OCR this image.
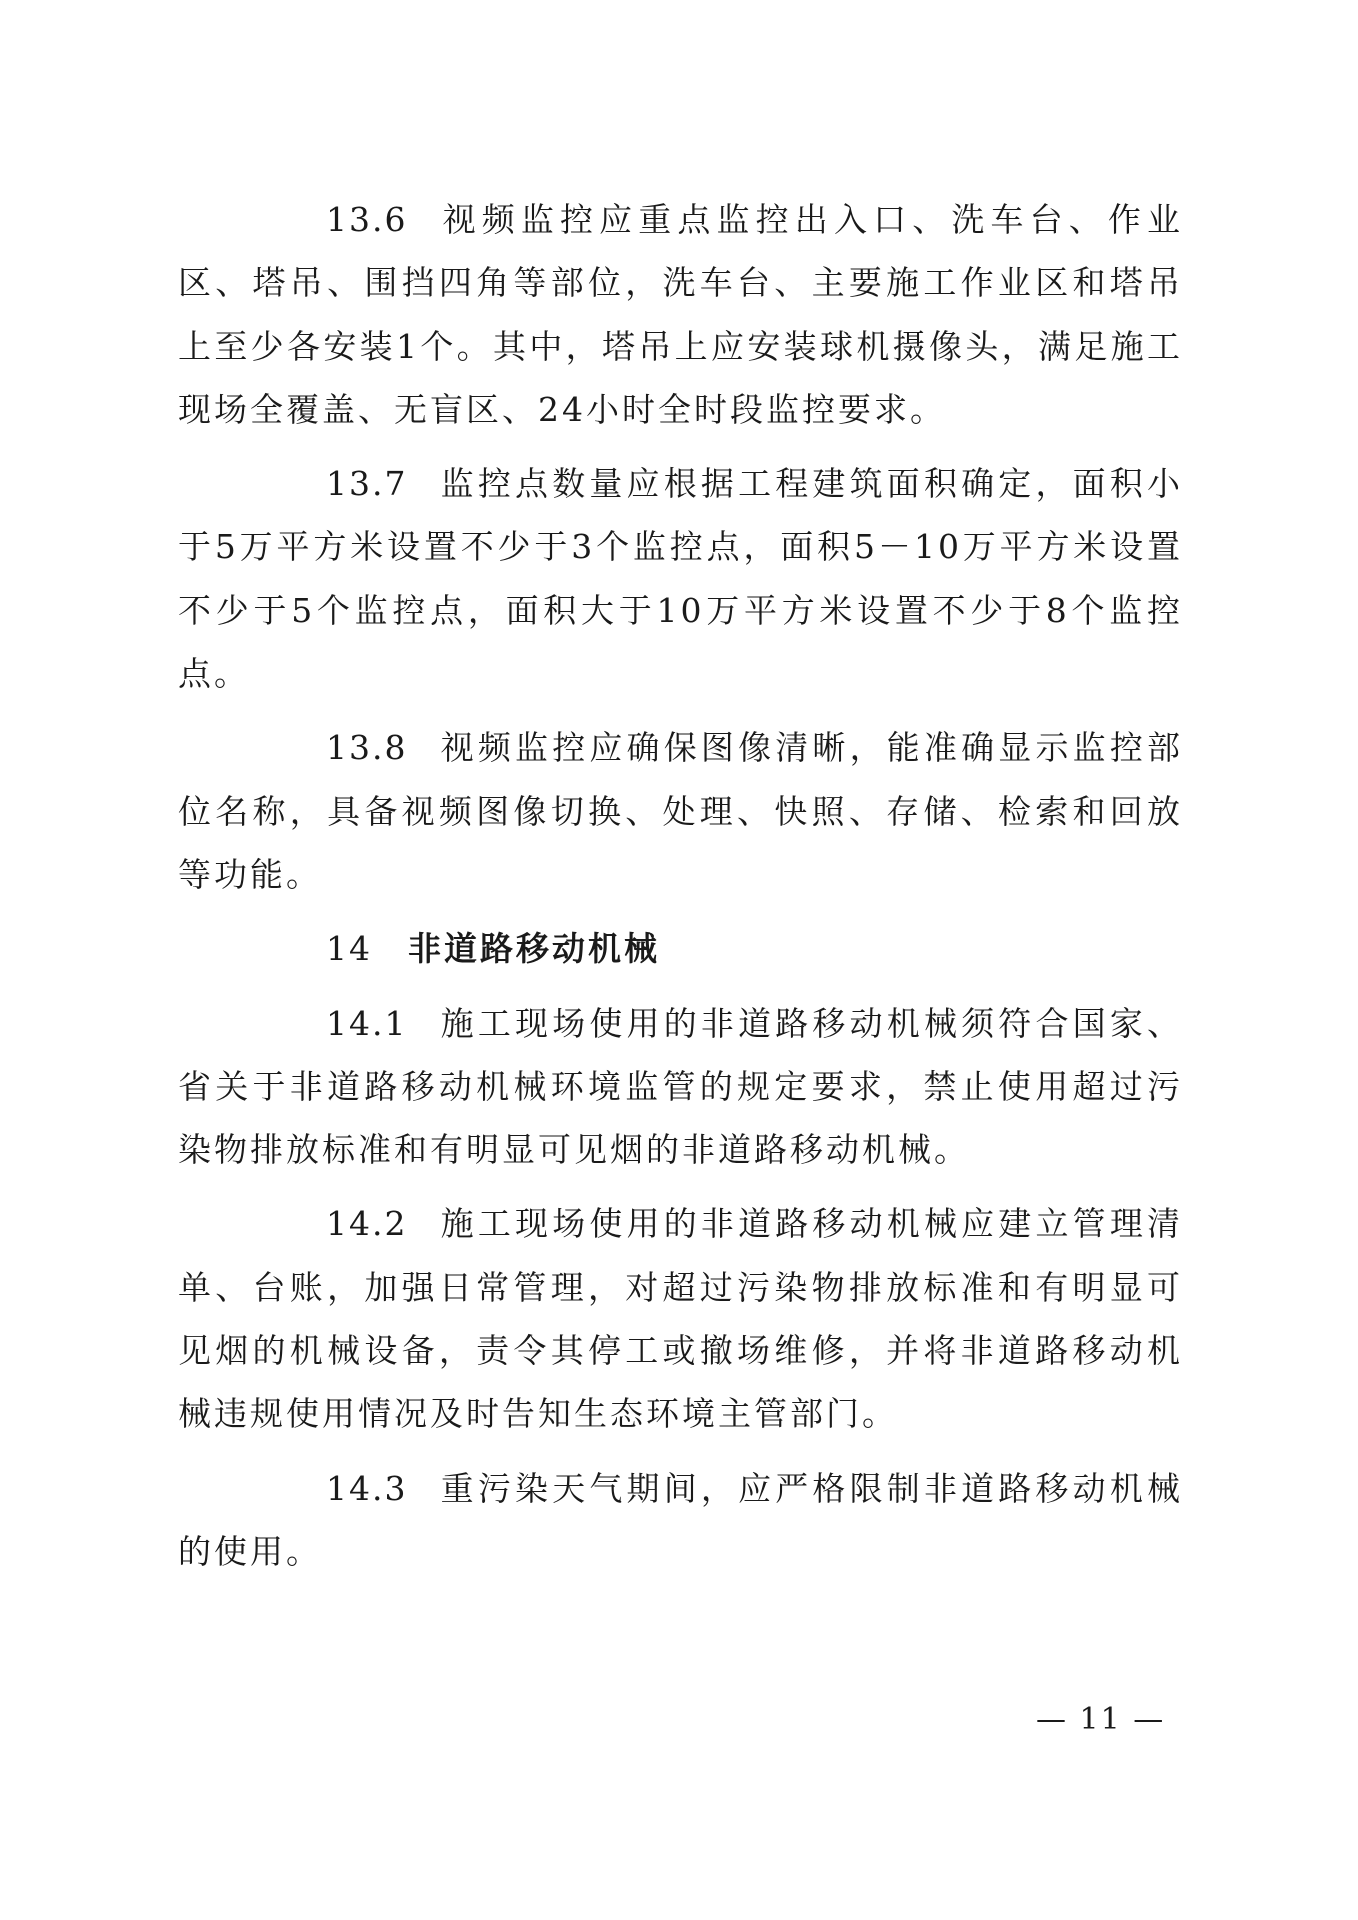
13.6 视频监控应重点监控出入口、洗车台、作业区、塔吊、围挡四角等部位，洗车台、主要施工作业区和塔吊上至少各安装1个。其中，塔吊上应安装球机摄像头，满足施工现场全覆盖、无盲区、24小时全时段监控要求。

13.7 监控点数量应根据工程建筑面积确定，面积小于5万平方米设置不少于3个监控点，面积5－10万平方米设置不少于5个监控点，面积大于10万平方米设置不少于8个监控点。

13.8 视频监控应确保图像清晰，能准确显示监控部位名称，具备视频图像切换、处理、快照、存储、检索和回放等功能。

14 非道路移动机械

14.1 施工现场使用的非道路移动机械须符合国家、省关于非道路移动机械环境监管的规定要求，禁止使用超过污染物排放标准和有明显可见烟的非道路移动机械。

14.2 施工现场使用的非道路移动机械应建立管理清单、台账，加强日常管理，对超过污染物排放标准和有明显可见烟的机械设备，责令其停工或撤场维修，并将非道路移动机械违规使用情况及时告知生态环境主管部门。

14.3 重污染天气期间，应严格限制非道路移动机械的使用。

— 11 —
